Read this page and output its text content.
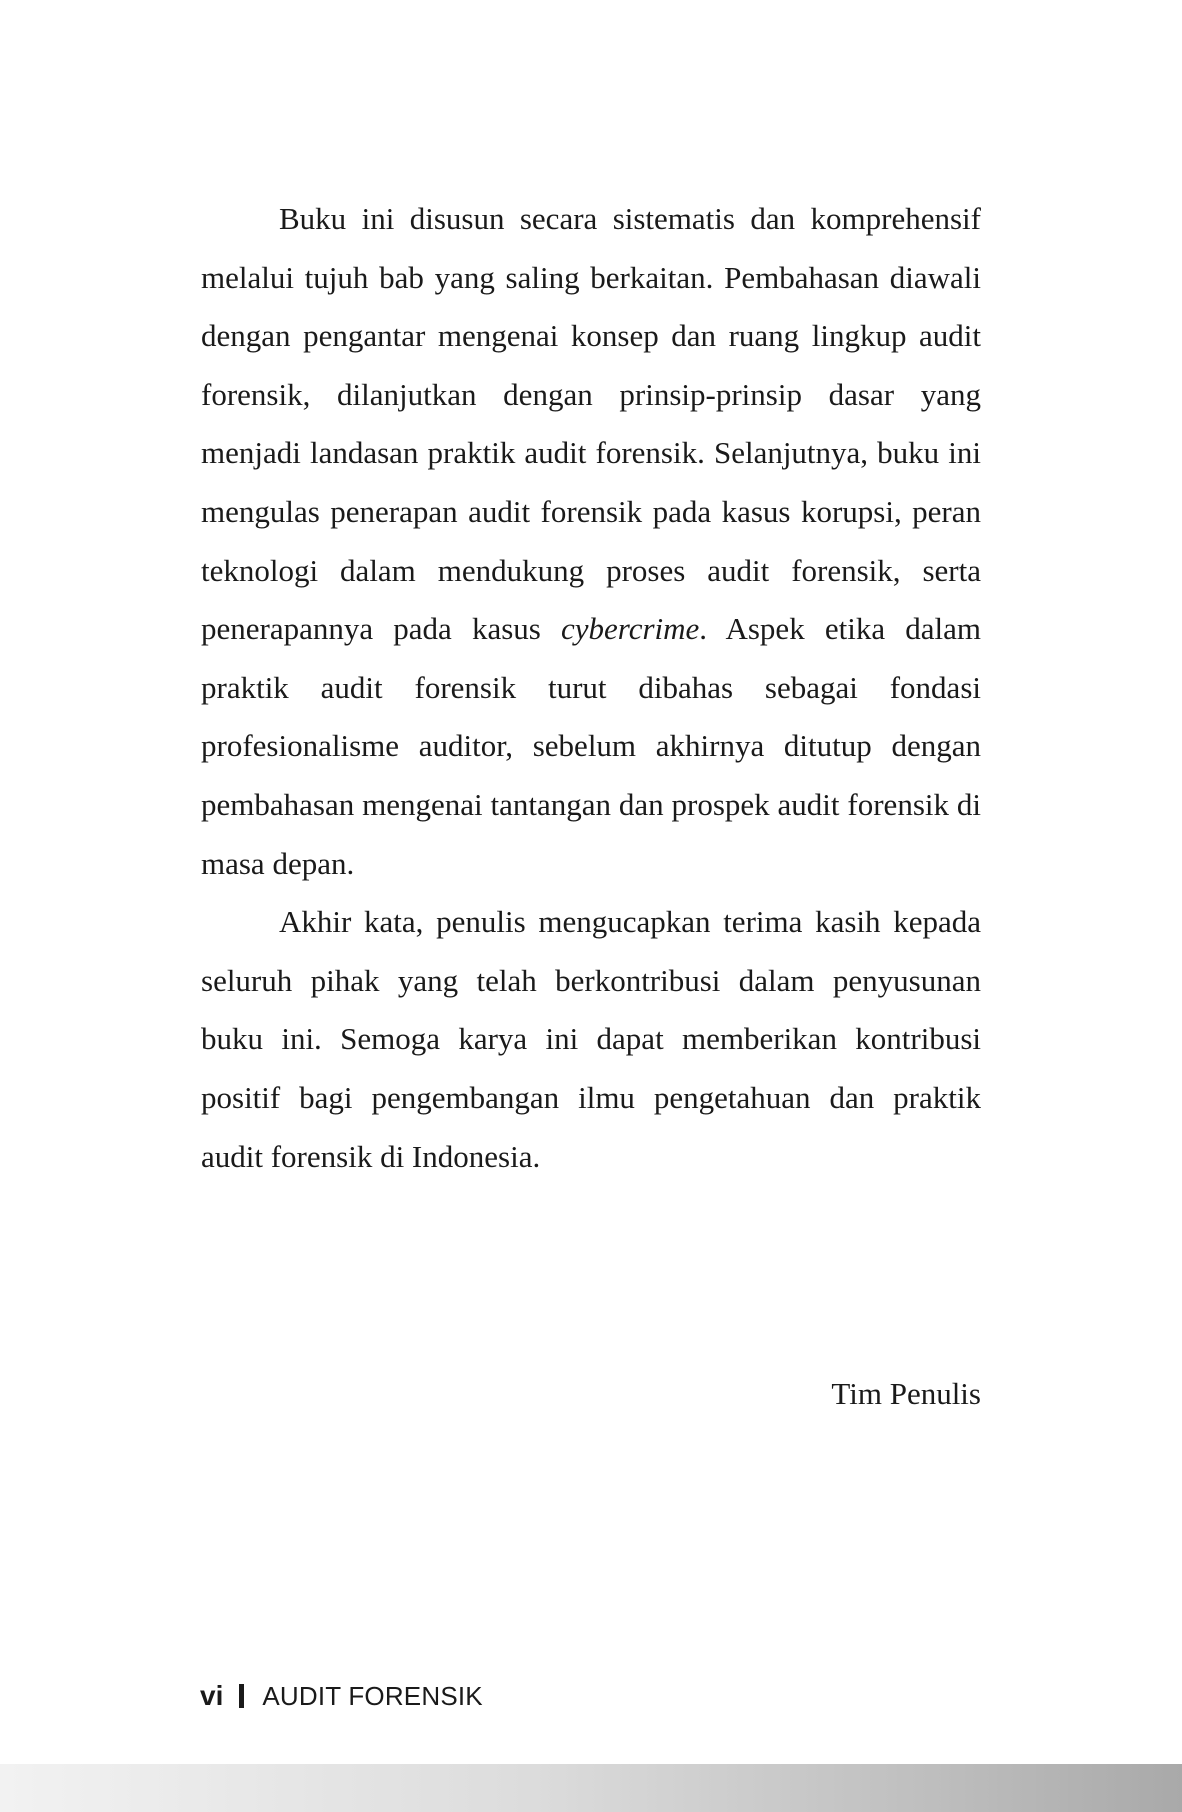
Buku ini disusun secara sistematis dan komprehensif melalui tujuh bab yang saling berkaitan. Pembahasan diawali dengan pengantar mengenai konsep dan ruang lingkup audit forensik, dilanjutkan dengan prinsip-prinsip dasar yang menjadi landasan praktik audit forensik. Selanjutnya, buku ini mengulas penerapan audit forensik pada kasus korupsi, peran teknologi dalam mendukung proses audit forensik, serta penerapannya pada kasus cybercrime. Aspek etika dalam praktik audit forensik turut dibahas sebagai fondasi profesionalisme auditor, sebelum akhirnya ditutup dengan pembahasan mengenai tantangan dan prospek audit forensik di masa depan.

Akhir kata, penulis mengucapkan terima kasih kepada seluruh pihak yang telah berkontribusi dalam penyusunan buku ini. Semoga karya ini dapat memberikan kontribusi positif bagi pengembangan ilmu pengetahuan dan praktik audit forensik di Indonesia.

Tim Penulis
vi AUDIT FORENSIK
